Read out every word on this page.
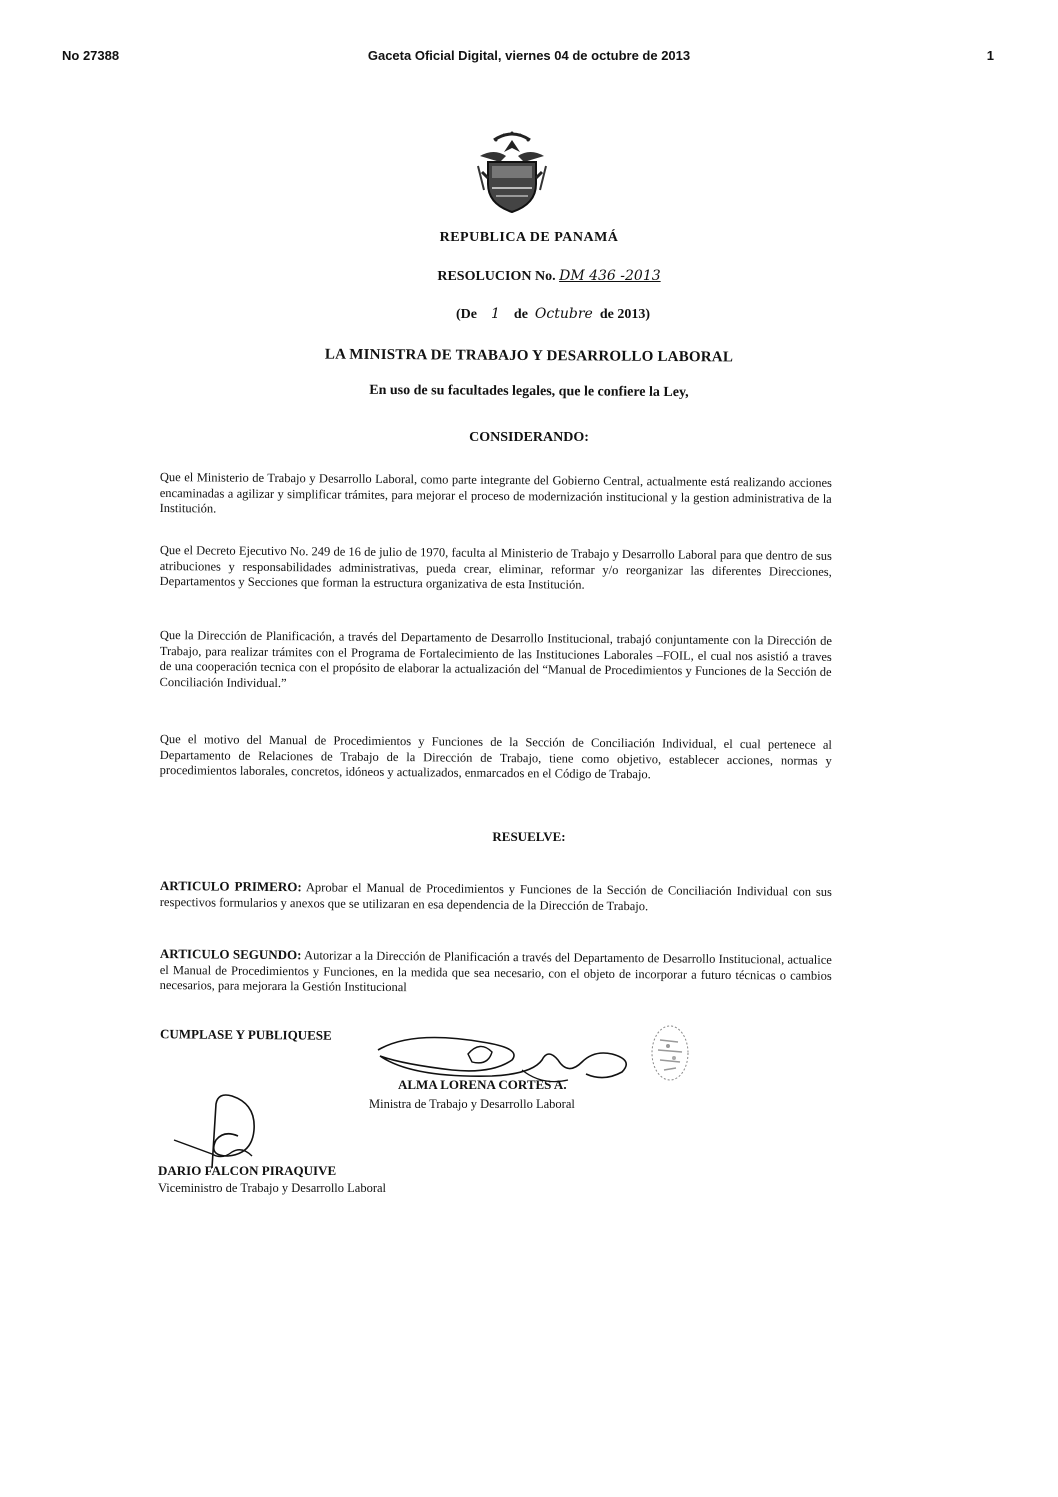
No 27388	Gaceta Oficial Digital, viernes 04 de octubre de 2013	1
REPUBLICA DE PANAMÁ
RESOLUCION No. DM 436 -2013
(De 1 de Octubre de 2013)
LA MINISTRA DE TRABAJO Y DESARROLLO LABORAL
En uso de su facultades legales, que le confiere la Ley,
CONSIDERANDO:
Que el Ministerio de Trabajo y Desarrollo Laboral, como parte integrante del Gobierno Central, actualmente está realizando acciones encaminadas a agilizar y simplificar trámites, para mejorar el proceso de modernización institucional y la gestion administrativa de la Institución.
Que el Decreto Ejecutivo No. 249 de 16 de julio de 1970, faculta al Ministerio de Trabajo y Desarrollo Laboral para que dentro de sus atribuciones y responsabilidades administrativas, pueda crear, eliminar, reformar y/o reorganizar las diferentes Direcciones, Departamentos y Secciones que forman la estructura organizativa de esta Institución.
Que la Dirección de Planificación, a través del Departamento de Desarrollo Institucional, trabajó conjuntamente con la Dirección de Trabajo, para realizar trámites con el Programa de Fortalecimiento de las Instituciones Laborales –FOIL, el cual nos asistió a traves de una cooperación tecnica con el propósito de elaborar la actualización del “Manual de Procedimientos y Funciones de la Sección de Conciliación Individual.”
Que el motivo del Manual de Procedimientos y Funciones de la Sección de Conciliación Individual, el cual pertenece al Departamento de Relaciones de Trabajo de la Dirección de Trabajo, tiene como objetivo, establecer acciones, normas y procedimientos laborales, concretos, idóneos y actualizados, enmarcados en el Código de Trabajo.
RESUELVE:
ARTICULO PRIMERO: Aprobar el Manual de Procedimientos y Funciones de la Sección de Conciliación Individual con sus respectivos formularios y anexos que se utilizaran en esa dependencia de la Dirección de Trabajo.
ARTICULO SEGUNDO: Autorizar a la Dirección de Planificación a través del Departamento de Desarrollo Institucional, actualice el Manual de Procedimientos y Funciones, en la medida que sea necesario, con el objeto de incorporar a futuro técnicas o cambios necesarios, para mejorara la Gestión Institucional
CUMPLASE Y PUBLIQUESE
ALMA LORENA CORTES A.
Ministra de Trabajo y Desarrollo Laboral
DARIO FALCON PIRAQUIVE
Viceministro de Trabajo y Desarrollo Laboral
